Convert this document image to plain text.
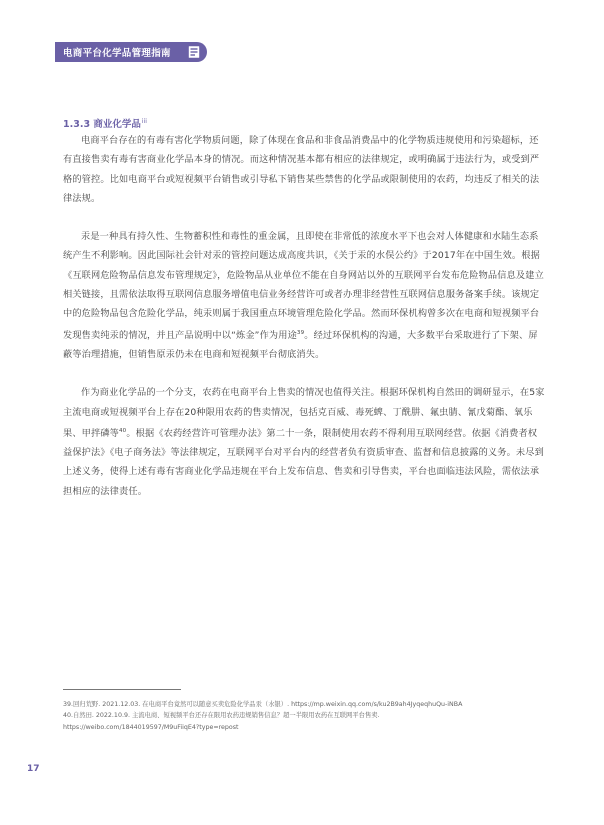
电商平台化学品管理指南
1.3.3 商业化学品$^{iii}$

电商平台存在的有毒有害化学物质问题，除了体现在食品和非食品消费品中的化学物质违规使用和污染超标，还有直接售卖有毒有害商业化学品本身的情况。而这种情况基本都有相应的法律规定，或明确属于违法行为，或受到严格的管控。比如电商平台或短视频平台销售或引导私下销售某些禁售的化学品或限制使用的农药，均违反了相关的法律法规。

汞是一种具有持久性、生物蓄积性和毒性的重金属，且即使在非常低的浓度水平下也会对人体健康和水陆生态系统产生不利影响。因此国际社会针对汞的管控问题达成高度共识，《关于汞的水俣公约》于2017年在中国生效。根据《互联网危险物品信息发布管理规定》，危险物品从业单位不能在自身网站以外的互联网平台发布危险物品信息及建立相关链接，且需依法取得互联网信息服务增值电信业务经营许可或者办理非经营性互联网信息服务备案手续。该规定中的危险物品包含危险化学品，纯汞则属于我国重点环境管理危险化学品。然而环保机构曾多次在电商和短视频平台发现售卖纯汞的情况，并且产品说明中以“炼金”作为用途$^{39}$。经过环保机构的沟通，大多数平台采取进行了下架、屏蔽等治理措施，但销售原汞仍未在电商和短视频平台彻底消失。

作为商业化学品的一个分支，农药在电商平台上售卖的情况也值得关注。根据环保机构自然田的调研显示，在5家主流电商或短视频平台上存在20种限用农药的售卖情况，包括克百威、毒死蜱、丁酰肼、氟虫腈、氰戊菊酯、氧乐果、甲拌磷等$^{40}$。根据《农药经营许可管理办法》第二十一条，限制使用农药不得利用互联网经营。依据《消费者权益保护法》《电子商务法》等法律规定，互联网平台对平台内的经营者负有资质审查、监督和信息披露的义务。未尽到上述义务，使得上述有毒有害商业化学品违规在平台上发布信息、售卖和引导售卖，平台也面临违法风险，需依法承担相应的法律责任。

39.回归荒野. 2021.12.03. 在电商平台竟然可以随意买卖危险化学品汞（水银）. https://mp.weixin.qq.com/s/ku2B9ah4JyqeqhuQu-iNBA
40.自然田. 2022.10.9. 主流电商、短视频平台还存在限用农药违规销售信息？超一半限用农药在互联网平台售卖.
https://weibo.com/1844019597/M9uFiiqE4?type=repost
17
